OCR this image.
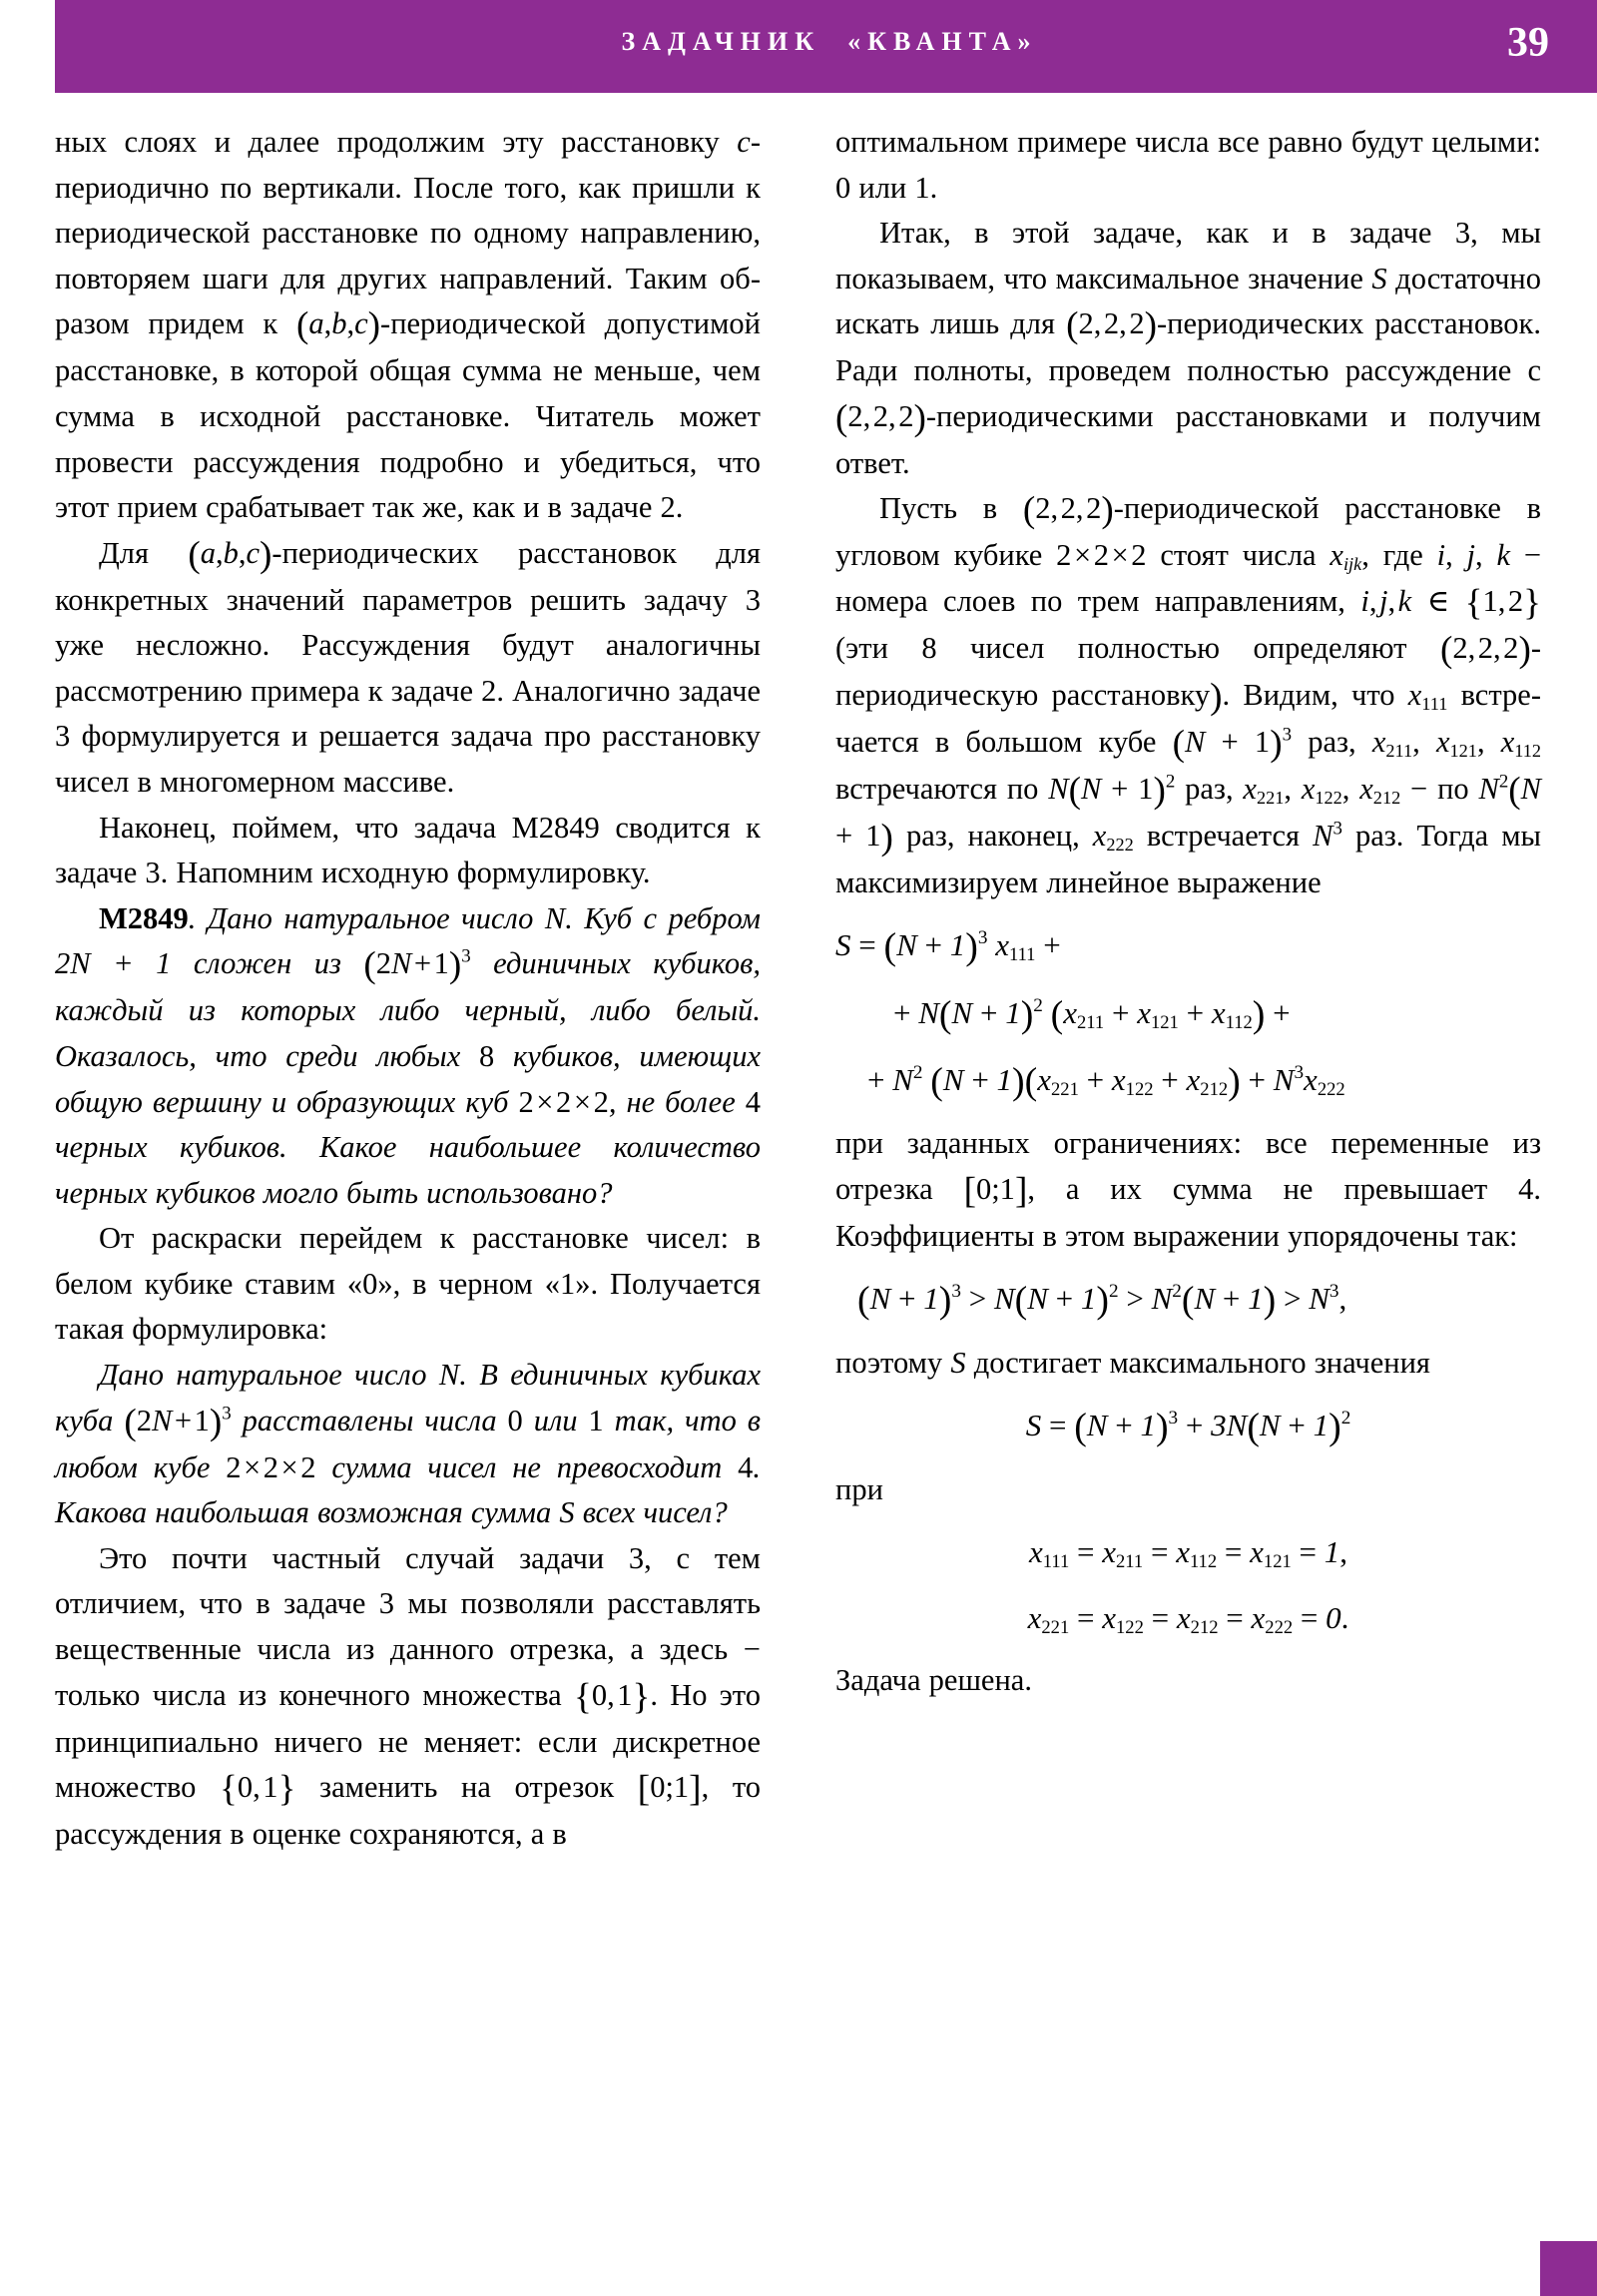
ЗАДАЧНИК  «КВАНТА»	39

ных слоях и далее продолжим эту расстановку c-периодично по вертикали. После того, как пришли к периодической расстановке по одному направлению, повторяем шаги для других направлений. Таким образом придем к (a,b,c)-периодической допустимой расстановке, в которой общая сумма не меньше, чем сумма в исходной расстановке. Читатель может провести рассуждения подробно и убедиться, что этот прием срабатывает так же, как и в задаче 2.

Для (a,b,c)-периодических расстановок для конкретных значений параметров решить задачу 3 уже несложно. Рассуждения будут аналогичны рассмотрению примера к задаче 2. Аналогично задаче 3 формулируется и решается задача про расстановку чисел в многомерном массиве.

Наконец, поймем, что задача M2849 сводится к задаче 3. Напомним исходную формулировку.

M2849. Дано натуральное число N. Куб с ребром 2N + 1 сложен из (2N + 1)$^3$ единичных кубиков, каждый из которых либо черный, либо белый. Оказалось, что среди любых 8 кубиков, имеющих общую вершину и образующих куб 2 × 2 × 2, не более 4 черных кубиков. Какое наибольшее количество черных кубиков могло быть использовано?

От раскраски перейдем к расстановке чисел: в белом кубике ставим «0», в черном «1». Получается такая формулировка:

Дано натуральное число N. В единичных кубиках куба (2N + 1)$^3$ расставлены числа 0 или 1 так, что в любом кубе 2 × 2 × 2 сумма чисел не превосходит 4. Какова наибольшая возможная сумма S всех чисел?

Это почти частный случай задачи 3, с тем отличием, что в задаче 3 мы позволяли расставлять вещественные числа из данного отрезка, а здесь − только числа из конечного множества {0, 1}. Но это принципиально ничего не меняет: если дискретное множество {0, 1} заменить на отрезок [0;1], то рассуждения в оценке сохраняются, а в

оптимальном примере числа все равно будут целыми: 0 или 1.

Итак, в этой задаче, как и в задаче 3, мы показываем, что максимальное значение S достаточно искать лишь для (2, 2, 2)-периодических расстановок. Ради полноты, проведем полностью рассуждение с (2, 2, 2)-периодическими расстановками и получим ответ.

Пусть в (2, 2, 2)-периодической расстановке в угловом кубике 2 × 2 × 2 стоят числа $x_{ijk}$, где i, j, k − номера слоев по трем направлениям, i, j, k ∈ {1, 2} (эти 8 чисел полностью определяют (2, 2, 2)-периодическую расстановку). Видим, что $x_{111}$ встречается в большом кубе $(N + 1)^3$ раз, $x_{211}$, $x_{121}$, $x_{112}$ встречаются по $N(N + 1)^2$ раз, $x_{221}$, $x_{122}$, $x_{212}$ − по $N^2(N + 1)$ раз, наконец, $x_{222}$ встречается $N^3$ раз. Тогда мы максимизируем линейное выражение

$S = (N + 1)^3$ $x_{111}$ +
+ $N(N + 1)^2$ $(x_{211} + x_{121} + x_{112})$ +
+ $N^2$ $(N + 1)(x_{221} + x_{122} + x_{212}) + N^3x_{222}$

при заданных ограничениях: все переменные из отрезка [0;1], а их сумма не превышает 4. Коэффициенты в этом выражении упорядочены так:

$(N + 1)^3 > N(N + 1)^2 > N^2(N + 1) > N^3$,

поэтому S достигает максимального значения

$S = (N + 1)^3 + 3N(N + 1)^2$

при

$x_{111} = x_{211} = x_{112} = x_{121} = 1$,
$x_{221} = x_{122} = x_{212} = x_{222} = 0$.

Задача решена.
